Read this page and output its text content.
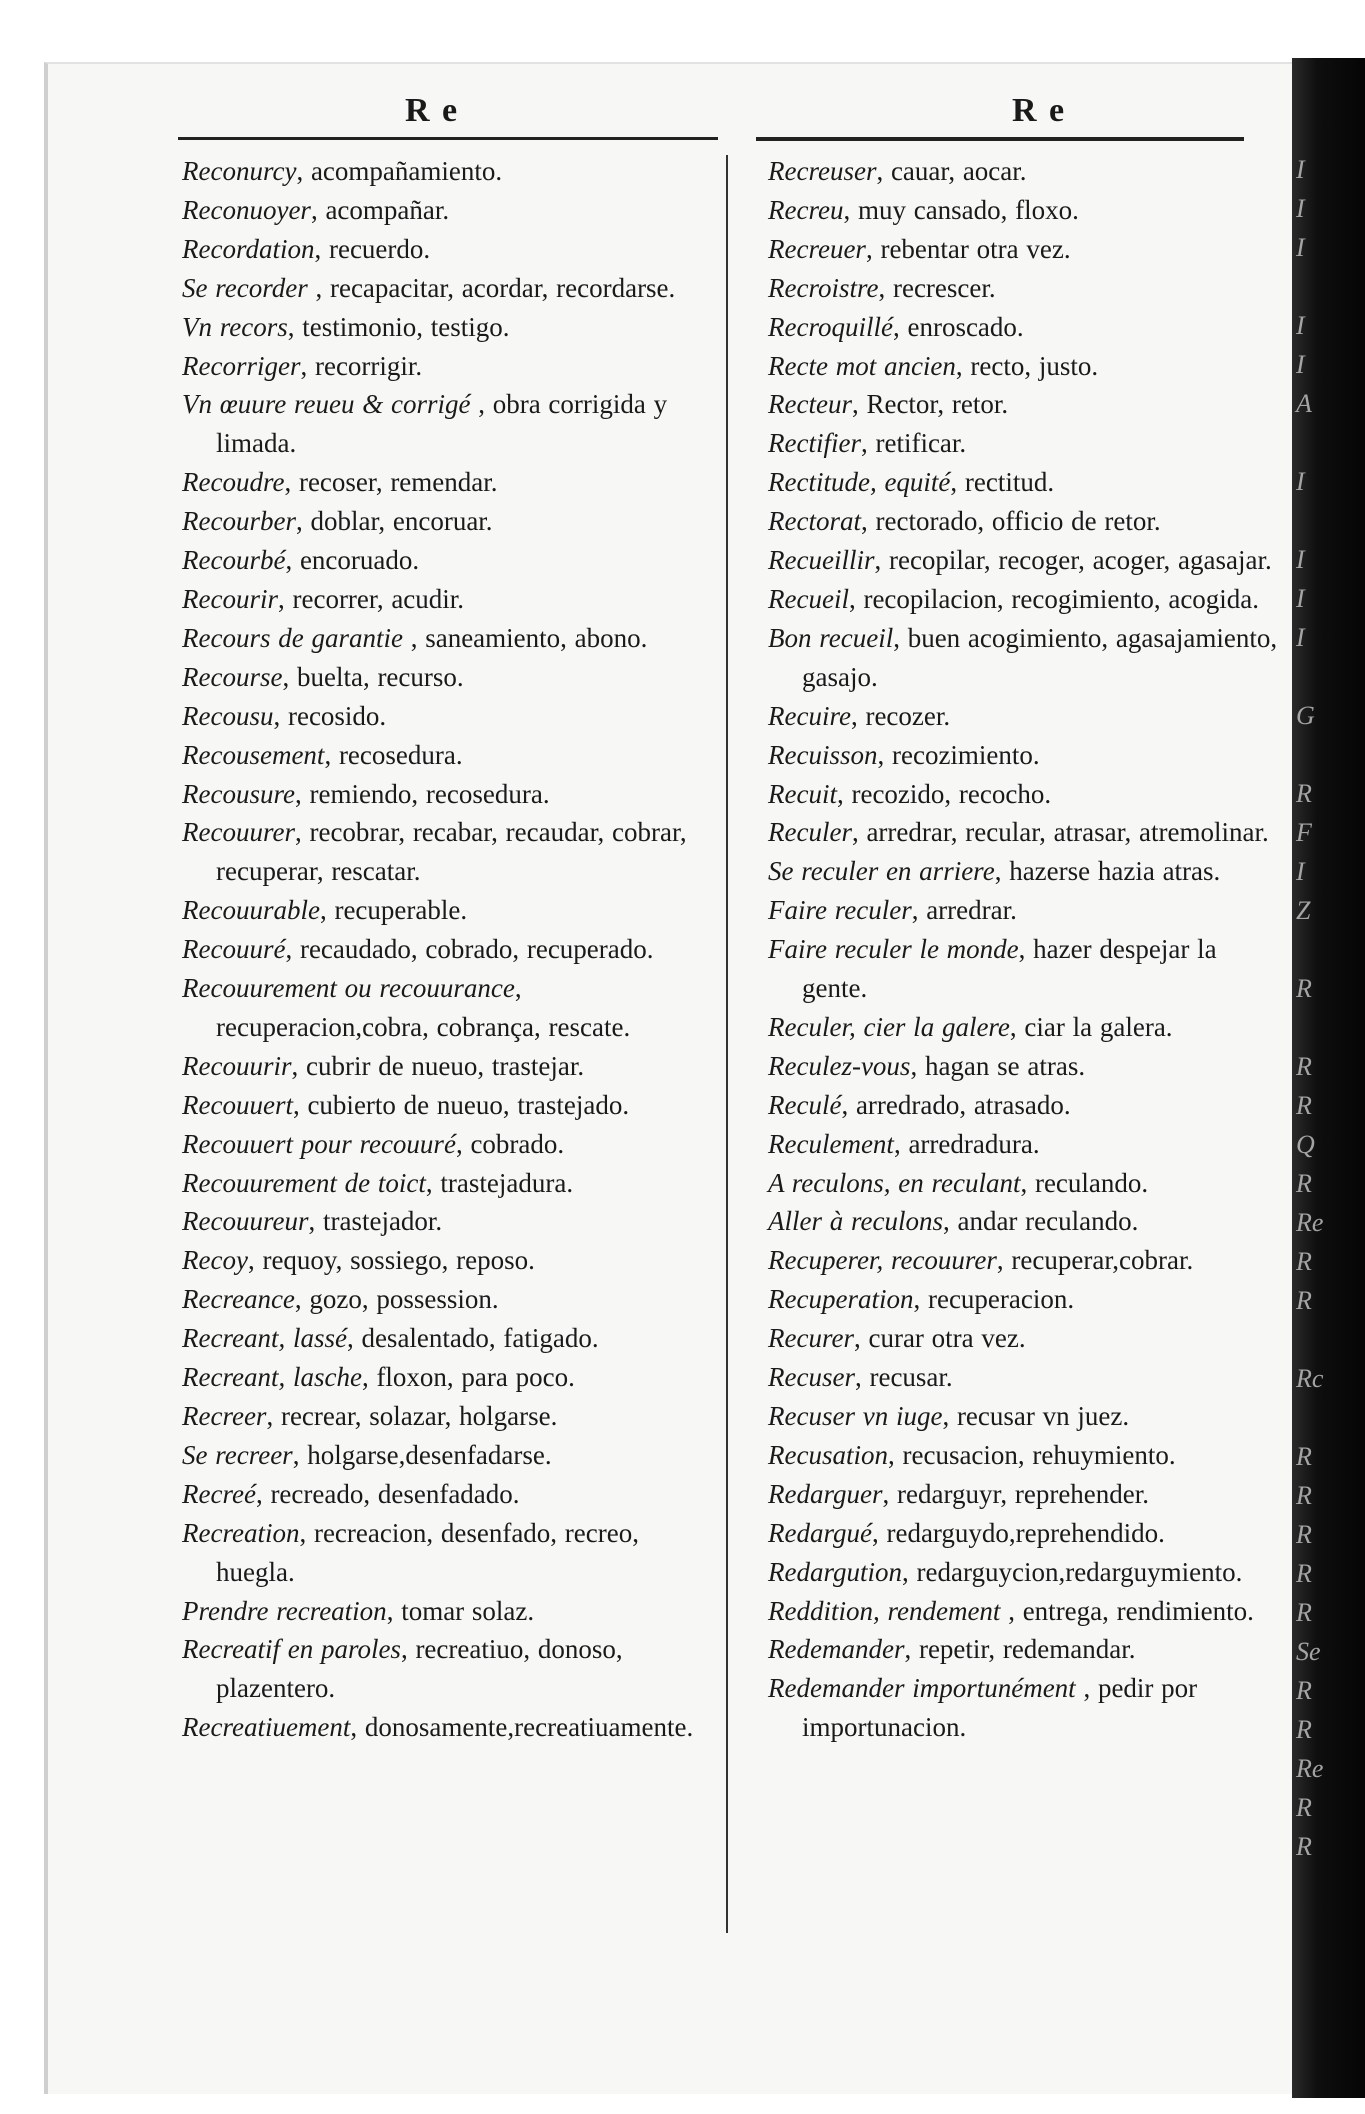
I
I
I
I
I
A
I
I
I
I
G
R
F
I
Z
R
R
R
Q
R
Re
R
R
Rc
R
R
R
R
R
Se
R
R
Re
R
R
R e	R e
Reconurcy, acompañamiento.
Reconuoyer, acompañar.
Recordation, recuerdo.
Se recorder , recapacitar, acordar, recordarse.
Vn recors, testimonio, testigo.
Recorriger, recorrigir.
Vn œuure reueu & corrigé , obra corrigida y limada.
Recoudre, recoser, remendar.
Recourber, doblar, encoruar.
Recourbé, encoruado.
Recourir, recorrer, acudir.
Recours de garantie , saneamiento, abono.
Recourse, buelta, recurso.
Recousu, recosido.
Recousement, recosedura.
Recousure, remiendo, recosedura.
Recouurer, recobrar, recabar, recaudar, cobrar, recuperar, rescatar.
Recouurable, recuperable.
Recouuré, recaudado, cobrado, recuperado.
Recouurement ou recouurance, recuperacion,cobra, cobrança, rescate.
Recouurir, cubrir de nueuo, trastejar.
Recouuert, cubierto de nueuo, trastejado.
Recouuert pour recouuré, cobrado.
Recouurement de toict, trastejadura.
Recouureur, trastejador.
Recoy, requoy, sossiego, reposo.
Recreance, gozo, possession.
Recreant, lassé, desalentado, fatigado.
Recreant, lasche, floxon, para poco.
Recreer, recrear, solazar, holgarse.
Se recreer, holgarse,desenfadarse.
Recreé, recreado, desenfadado.
Recreation, recreacion, desenfado, recreo, huegla.
Prendre recreation, tomar solaz.
Recreatif en paroles, recreatiuo, donoso, plazentero.
Recreatiuement, donosamente,recreatiuamente.
Recreuser, cauar, aocar.
Recreu, muy cansado, floxo.
Recreuer, rebentar otra vez.
Recroistre, recrescer.
Recroquillé, enroscado.
Recte mot ancien, recto, justo.
Recteur, Rector, retor.
Rectifier, retificar.
Rectitude, equité, rectitud.
Rectorat, rectorado, officio de retor.
Recueillir, recopilar, recoger, acoger, agasajar.
Recueil, recopilacion, recogimiento, acogida.
Bon recueil, buen acogimiento, agasajamiento, gasajo.
Recuire, recozer.
Recuisson, recozimiento.
Recuit, recozido, recocho.
Reculer, arredrar, recular, atrasar, atremolinar.
Se reculer en arriere, hazerse hazia atras.
Faire reculer, arredrar.
Faire reculer le monde, hazer despejar la gente.
Reculer, cier la galere, ciar la galera.
Reculez-vous, hagan se atras.
Reculé, arredrado, atrasado.
Reculement, arredradura.
A reculons, en reculant, reculando.
Aller à reculons, andar reculando.
Recuperer, recouurer, recuperar,cobrar.
Recuperation, recuperacion.
Recurer, curar otra vez.
Recuser, recusar.
Recuser vn iuge, recusar vn juez.
Recusation, recusacion, rehuymiento.
Redarguer, redarguyr, reprehender.
Redargué, redarguydo,reprehendido.
Redargution, redarguycion,redarguymiento.
Reddition, rendement , entrega, rendimiento.
Redemander, repetir, redemandar.
Redemander importunément , pedir por importunacion.
